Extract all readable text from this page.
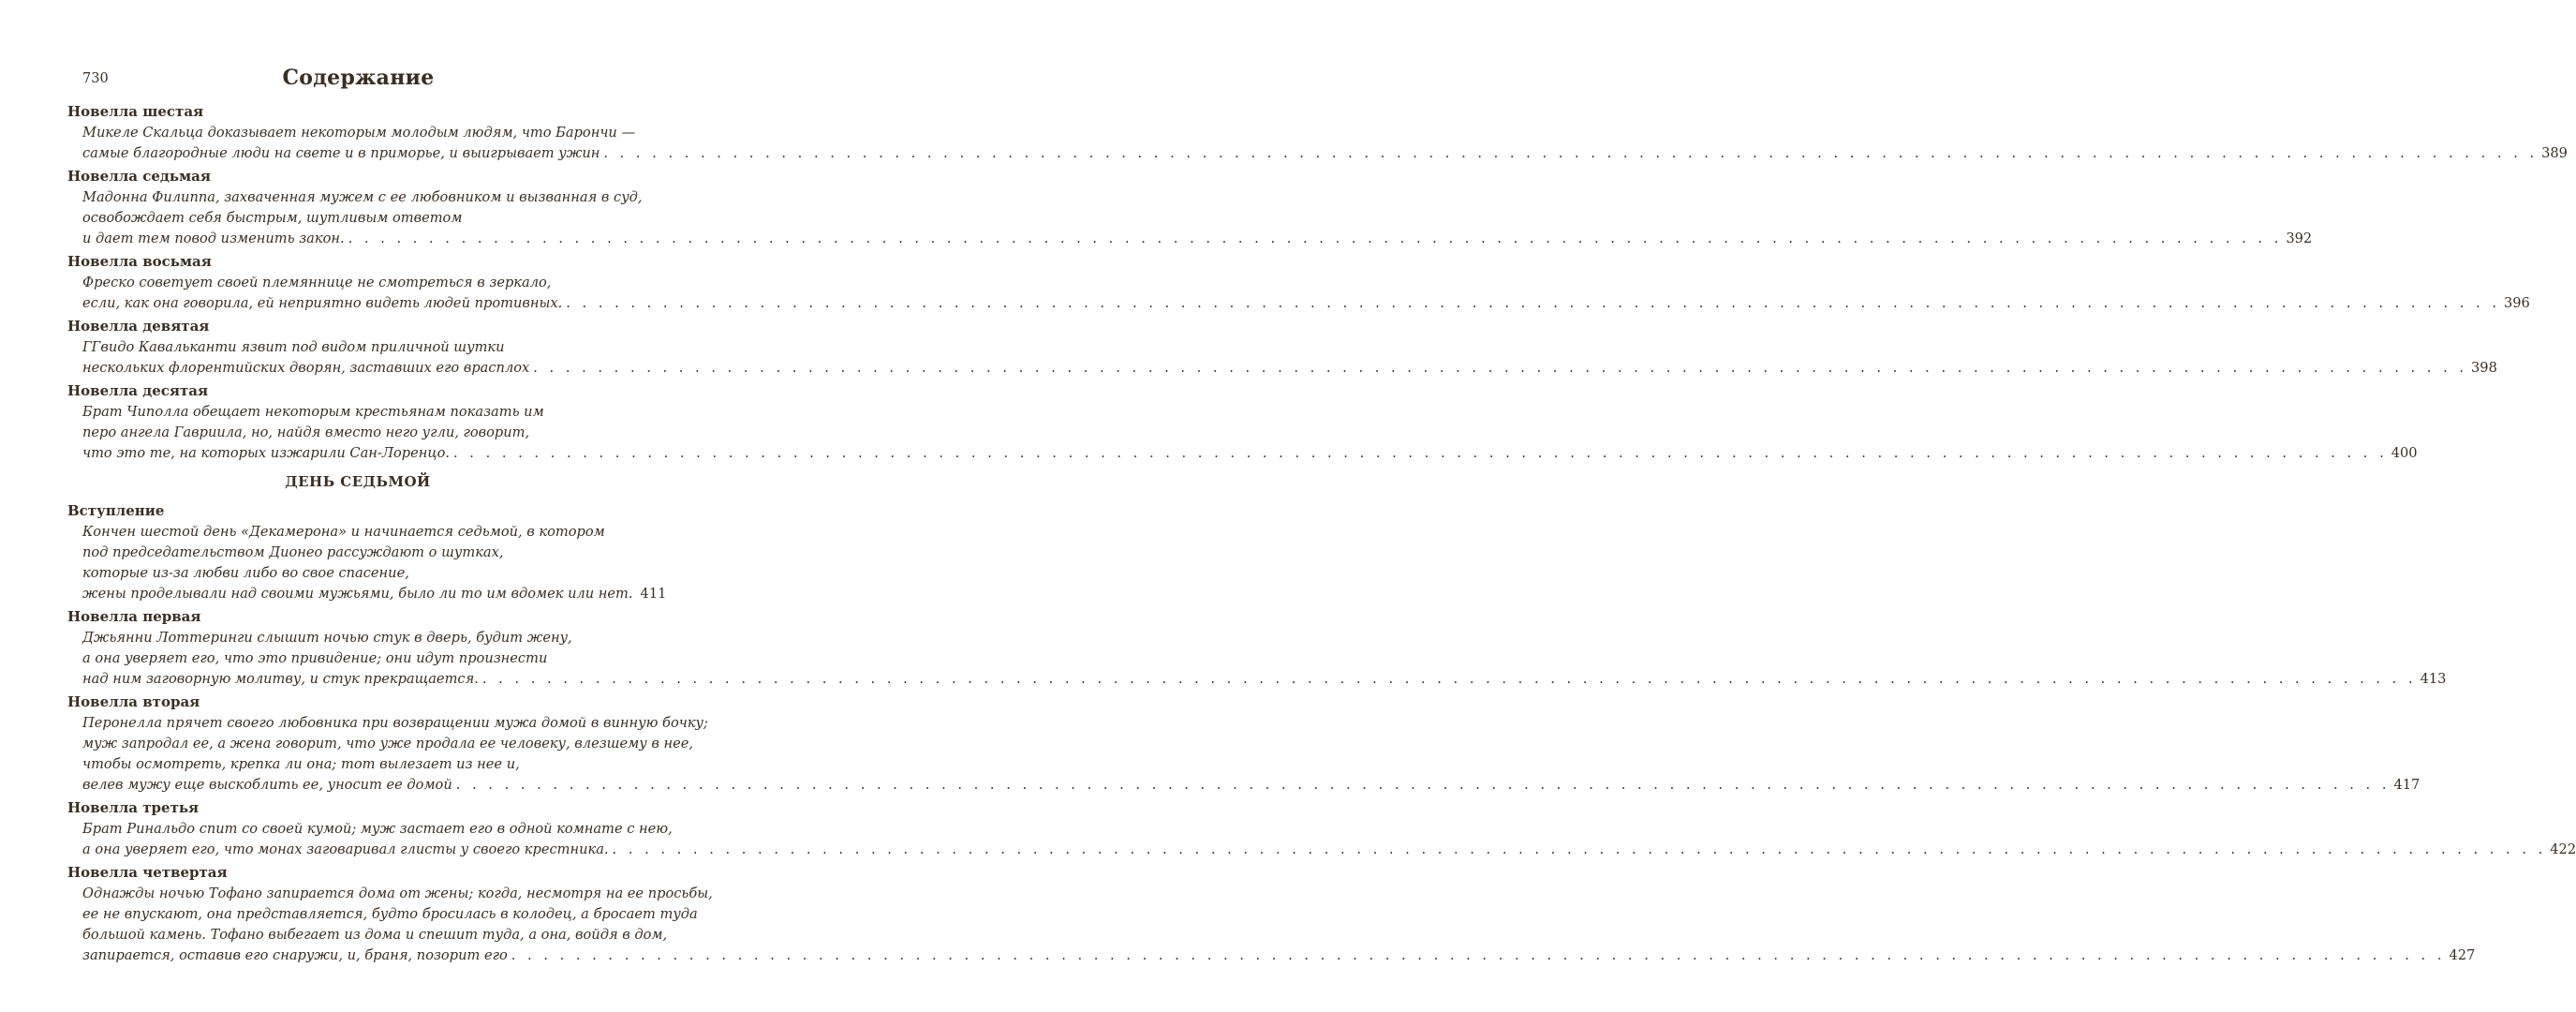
730	Содержание
Новелла шестая
Микеле Скальца доказывает некоторым молодым людям, что Барончи —
самые благородные люди на свете и в приморье, и выигрывает ужин . . . . . . . . . . . . . . . . . . . . . . . . . . . . . . . . . . . . . . . . . . . . . . . . . . . . . . . . . . . . . . . . . . . . . . . . . . . . . . . . . . . . . . . . . . . . . . . . . . . . . . . . . . . . . . . . . . . . . . . . 389
Новелла седьмая
Мадонна Филиппа, захваченная мужем с ее любовником и вызванная в суд,
освобождает себя быстрым, шутливым ответом
и дает тем повод изменить закон. . . . . . . . . . . . . . . . . . . . . . . . . . . . . . . . . . . . . . . . . . . . . . . . . . . . . . . . . . . . . . . . . . . . . . . . . . . . . . . . . . . . . . . . . . . . . . . . . . . . . . . . . . . . . . . . . . . . . . . . . 392
Новелла восьмая
Фреско советует своей племяннице не смотреться в зеркало,
если, как она говорила, ей неприятно видеть людей противных. . . . . . . . . . . . . . . . . . . . . . . . . . . . . . . . . . . . . . . . . . . . . . . . . . . . . . . . . . . . . . . . . . . . . . . . . . . . . . . . . . . . . . . . . . . . . . . . . . . . . . . . . . . . . . . . . . . . . . . . . 396
Новелла девятая
ГГвидо Кавальканти язвит под видом приличной шутки
нескольких флорентийских дворян, заставших его врасплох . . . . . . . . . . . . . . . . . . . . . . . . . . . . . . . . . . . . . . . . . . . . . . . . . . . . . . . . . . . . . . . . . . . . . . . . . . . . . . . . . . . . . . . . . . . . . . . . . . . . . . . . . . . . . . . . . . . . . . . . 398
Новелла десятая
Брат Чиполла обещает некоторым крестьянам показать им
перо ангела Гавриила, но, найдя вместо него угли, говорит,
что это те, на которых изжарили Сан-Лоренцо. . . . . . . . . . . . . . . . . . . . . . . . . . . . . . . . . . . . . . . . . . . . . . . . . . . . . . . . . . . . . . . . . . . . . . . . . . . . . . . . . . . . . . . . . . . . . . . . . . . . . . . . . . . . . . . . . . . . . . . . . 400
ДЕНЬ СЕДЬМОЙ
Вступление
Кончен шестой день «Декамерона» и начинается седьмой, в котором
под председательством Дионео рассуждают о шутках,
которые из-за любви либо во свое спасение,
жены проделывали над своими мужьями, было ли то им вдомек или нет. 411
Новелла первая
Джьянни Лоттеринги слышит ночью стук в дверь, будит жену,
а она уверяет его, что это привидение; они идут произнести
над ним заговорную молитву, и стук прекращается. . . . . . . . . . . . . . . . . . . . . . . . . . . . . . . . . . . . . . . . . . . . . . . . . . . . . . . . . . . . . . . . . . . . . . . . . . . . . . . . . . . . . . . . . . . . . . . . . . . . . . . . . . . . . . . . . . . . . . . . . 413
Новелла вторая
Перонелла прячет своего любовника при возвращении мужа домой в винную бочку;
муж запродал ее, а жена говорит, что уже продала ее человеку, влезшему в нее,
чтобы осмотреть, крепка ли она; тот вылезает из нее и,
велев мужу еще выскоблить ее, уносит ее домой . . . . . . . . . . . . . . . . . . . . . . . . . . . . . . . . . . . . . . . . . . . . . . . . . . . . . . . . . . . . . . . . . . . . . . . . . . . . . . . . . . . . . . . . . . . . . . . . . . . . . . . . . . . . . . . . . . . . . . . . 417
Новелла третья
Брат Ринальдо спит со своей кумой; муж застает его в одной комнате с нею,
а она уверяет его, что монах заговаривал глисты у своего крестника. . . . . . . . . . . . . . . . . . . . . . . . . . . . . . . . . . . . . . . . . . . . . . . . . . . . . . . . . . . . . . . . . . . . . . . . . . . . . . . . . . . . . . . . . . . . . . . . . . . . . . . . . . . . . . . . . . . . . . . . . 422
Новелла четвертая
Однажды ночью Тофано запирается дома от жены; когда, несмотря на ее просьбы,
ее не впускают, она представляется, будто бросилась в колодец, а бросает туда
большой камень. Тофано выбегает из дома и спешит туда, а она, войдя в дом,
запирается, оставив его снаружи, и, браня, позорит его . . . . . . . . . . . . . . . . . . . . . . . . . . . . . . . . . . . . . . . . . . . . . . . . . . . . . . . . . . . . . . . . . . . . . . . . . . . . . . . . . . . . . . . . . . . . . . . . . . . . . . . . . . . . . . . . . . . . . . . . 427
